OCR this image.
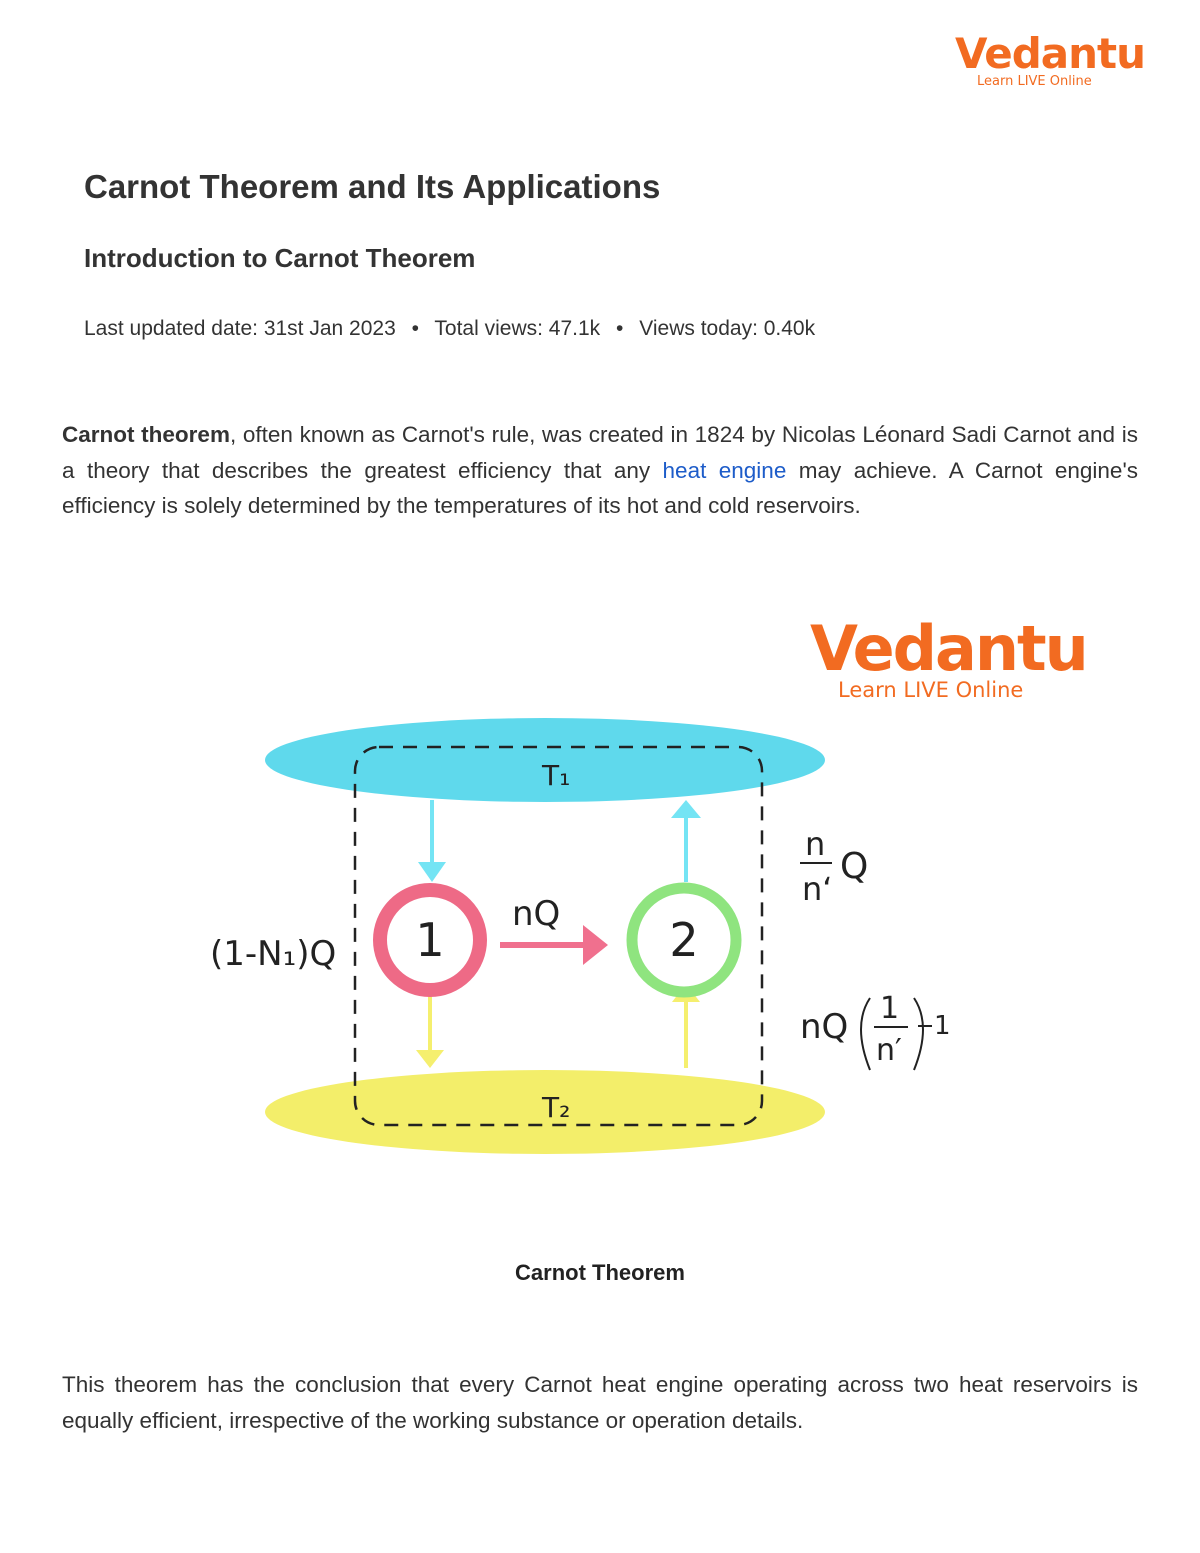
Vedantu
Learn LIVE Online
Carnot Theorem and Its Applications
Introduction to Carnot Theorem
Last updated date: 31st Jan 2023 • Total views: 47.1k • Views today: 0.40k

Carnot theorem, often known as Carnot's rule, was created in 1824 by Nicolas Léonard Sadi Carnot and is a theory that describes the greatest efficiency that any heat engine may achieve. A Carnot engine's efficiency is solely determined by the temperatures of its hot and cold reservoirs.

Vedantu
Learn LIVE Online
T₁
T₂
nQ
1	2
(1-N₁)Q
n
n‘
Q
nQ 1
n′
1
Carnot Theorem

This theorem has the conclusion that every Carnot heat engine operating across two heat reservoirs is equally efficient, irrespective of the working substance or operation details.
